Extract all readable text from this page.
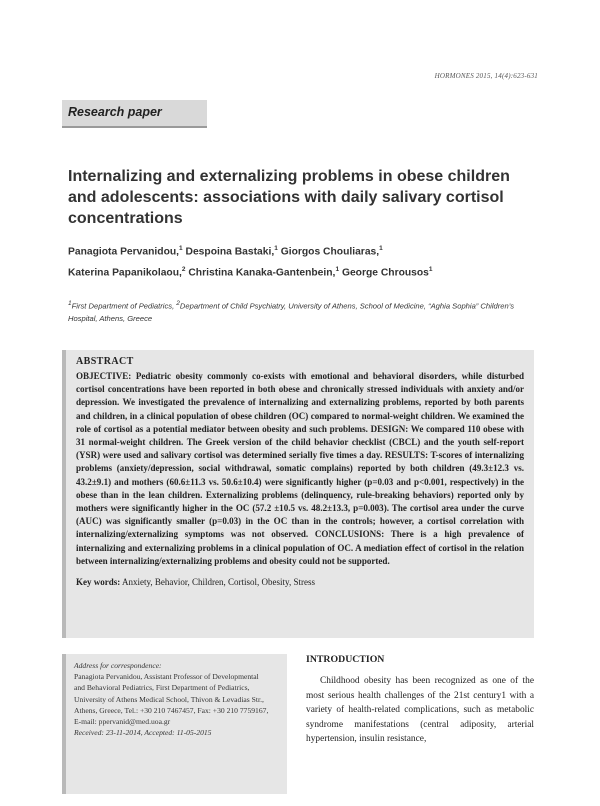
HORMONES 2015, 14(4):623-631
Research paper
Internalizing and externalizing problems in obese children and adolescents: associations with daily salivary cortisol concentrations
Panagiota Pervanidou,$^1$ Despoina Bastaki,$^1$ Giorgos Chouliaras,$^1$
Katerina Papanikolaou,$^2$ Christina Kanaka-Gantenbein,$^1$ George Chrousos$^1$
$^1$First Department of Pediatrics, $^2$Department of Child Psychiatry, University of Athens, School of Medicine, “Aghia Sophia” Children’s Hospital, Athens, Greece
ABSTRACT

OBJECTIVE: Pediatric obesity commonly co-exists with emotional and behavioral disorders, while disturbed cortisol concentrations have been reported in both obese and chronically stressed individuals with anxiety and/or depression. We investigated the prevalence of internalizing and externalizing problems, reported by both parents and children, in a clinical population of obese children (OC) compared to normal-weight children. We examined the role of cortisol as a potential mediator between obesity and such problems. DESIGN: We compared 110 obese with 31 normal-weight children. The Greek version of the child behavior checklist (CBCL) and the youth self-report (YSR) were used and salivary cortisol was determined serially five times a day. RESULTS: T-scores of internalizing problems (anxiety/depression, social withdrawal, somatic complains) reported by both children (49.3±12.3 vs. 43.2±9.1) and mothers (60.6±11.3 vs. 50.6±10.4) were significantly higher (p=0.03 and p<0.001, respectively) in the obese than in the lean children. Externalizing problems (delinquency, rule-breaking behaviors) reported only by mothers were significantly higher in the OC (57.2 ±10.5 vs. 48.2±13.3, p=0.003). The cortisol area under the curve (AUC) was significantly smaller (p=0.03) in the OC than in the controls; however, a cortisol correlation with internalizing/externalizing symptoms was not observed. CONCLUSIONS: There is a high prevalence of internalizing and externalizing problems in a clinical population of OC. A mediation effect of cortisol in the relation between internalizing/externalizing problems and obesity could not be supported.

Key words: Anxiety, Behavior, Children, Cortisol, Obesity, Stress

Address for correspondence:

Panagiota Pervanidou, Assistant Professor of Developmental

and Behavioral Pediatrics, First Department of Pediatrics,

University of Athens Medical School, Thivon & Levadias Str.,

Athens, Greece, Tel.: +30 210 7467457, Fax: +30 210 7759167,

E-mail: ppervanid@med.uoa.gr

Received: 23-11-2014, Accepted: 11-05-2015

INTRODUCTION

Childhood obesity has been recognized as one of the most serious health challenges of the 21st century1 with a variety of health-related complications, such as metabolic syndrome manifestations (central adiposity, arterial hypertension, insulin resistance,
